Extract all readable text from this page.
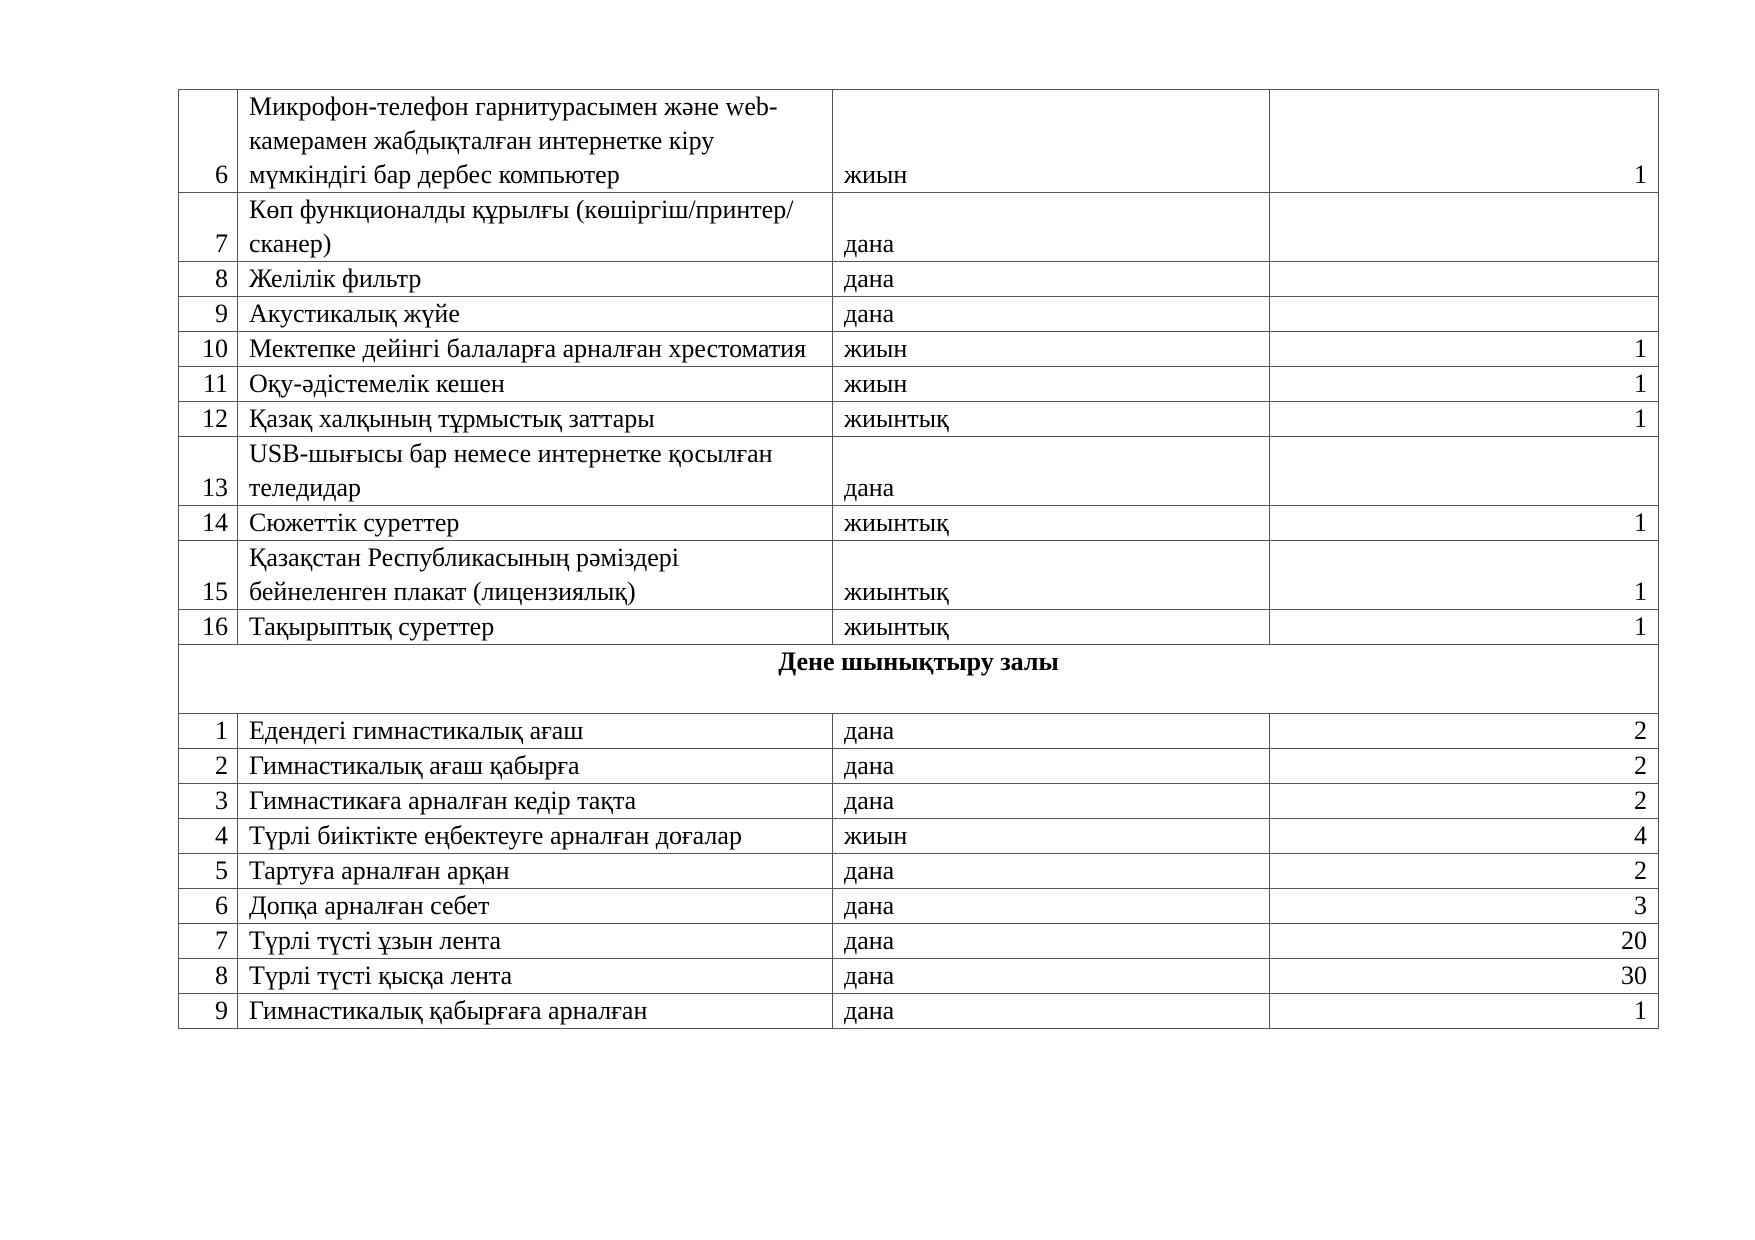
6	Микрофон-телефон гарнитурасымен және web-камерамен жабдықталған интернетке кіру мүмкіндігі бар дербес компьютер	жиын	1
7	Көп функционалды құрылғы (көшіргіш/принтер/сканер)	дана	
8	Желілік фильтр	дана	
9	Акустикалық жүйе	дана	
10	Мектепке дейінгі балаларға арналған хрестоматия	жиын	1
11	Оқу-әдістемелік кешен	жиын	1
12	Қазақ халқының тұрмыстық заттары	жиынтық	1
13	USB-шығысы бар немесе интернетке қосылған теледидар	дана	
14	Сюжеттік суреттер	жиынтық	1
15	Қазақстан Республикасының рәміздері бейнеленген плакат (лицензиялық)	жиынтық	1
16	Тақырыптық суреттер	жиынтық	1
Дене шынықтыру залы			
1	Едендегі гимнастикалық ағаш	дана	2
2	Гимнастикалық ағаш қабырға	дана	2
3	Гимнастикаға арналған кедір тақта	дана	2
4	Түрлі биіктікте еңбектеуге арналған доғалар	жиын	4
5	Тартуға арналған арқан	дана	2
6	Допқа арналған себет	дана	3
7	Түрлі түсті ұзын лента	дана	20
8	Түрлі түсті қысқа лента	дана	30
9	Гимнастикалық қабырғаға арналған	дана	1
